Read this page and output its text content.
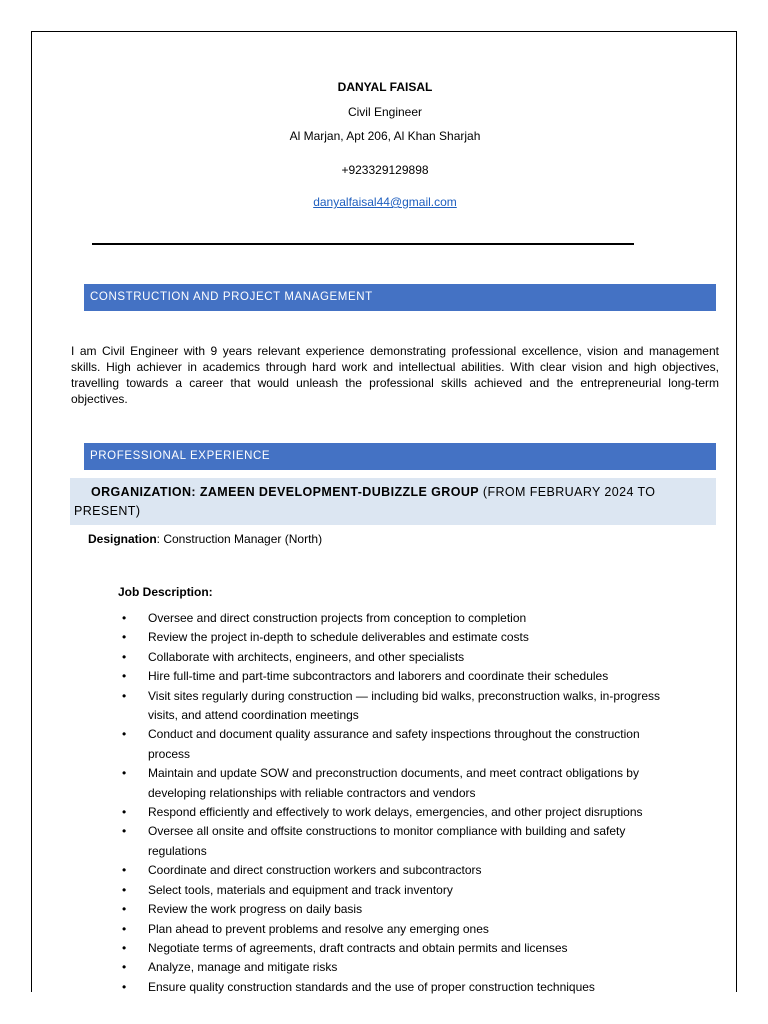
DANYAL FAISAL
Civil Engineer
Al Marjan, Apt 206, Al Khan Sharjah
+923329129898
danyalfaisal44@gmail.com
CONSTRUCTION AND PROJECT MANAGEMENT
I am Civil Engineer with 9 years relevant experience demonstrating professional excellence, vision and management skills. High achiever in academics through hard work and intellectual abilities. With clear vision and high objectives, travelling towards a career that would unleash the professional skills achieved and the entrepreneurial long-term objectives.
PROFESSIONAL EXPERIENCE
ORGANIZATION: ZAMEEN DEVELOPMENT-DUBIZZLE GROUP (FROM FEBRUARY 2024 TO PRESENT)
Designation: Construction Manager (North)
Job Description:
• Oversee and direct construction projects from conception to completion
• Review the project in-depth to schedule deliverables and estimate costs
• Collaborate with architects, engineers, and other specialists
• Hire full-time and part-time subcontractors and laborers and coordinate their schedules
• Visit sites regularly during construction — including bid walks, preconstruction walks, in-progress visits, and attend coordination meetings
• Conduct and document quality assurance and safety inspections throughout the construction process
• Maintain and update SOW and preconstruction documents, and meet contract obligations by developing relationships with reliable contractors and vendors
• Respond efficiently and effectively to work delays, emergencies, and other project disruptions
• Oversee all onsite and offsite constructions to monitor compliance with building and safety regulations
• Coordinate and direct construction workers and subcontractors
• Select tools, materials and equipment and track inventory
• Review the work progress on daily basis
• Plan ahead to prevent problems and resolve any emerging ones
• Negotiate terms of agreements, draft contracts and obtain permits and licenses
• Analyze, manage and mitigate risks
• Ensure quality construction standards and the use of proper construction techniques
